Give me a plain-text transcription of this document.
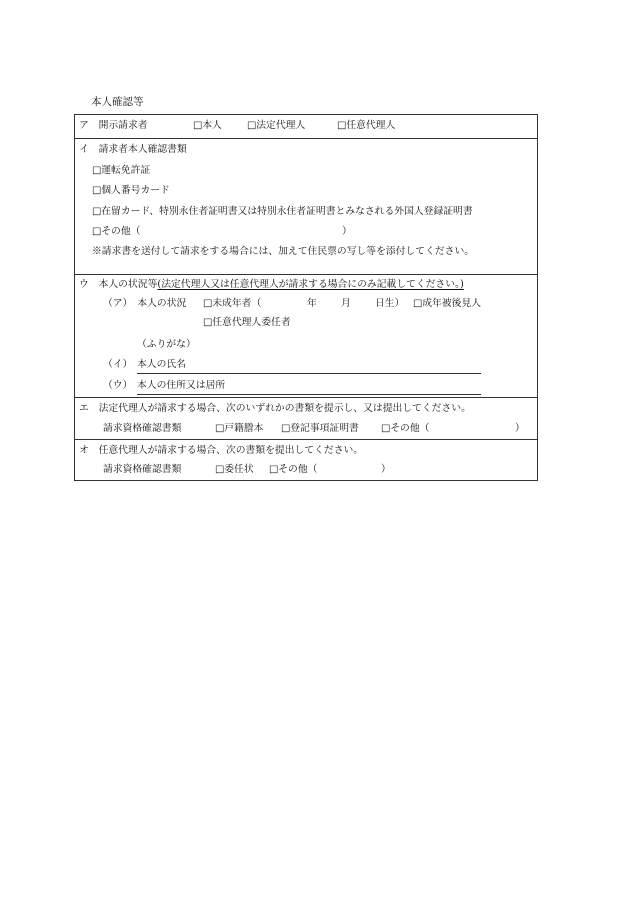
本人確認等
ア　開示請求者	□本人	□法定代理人	□任意代理人
イ　請求者本人確認書類
□運転免許証
□個人番号カード
□在留カード、特別永住者証明書又は特別永住者証明書とみなされる外国人登録証明書
□その他（	）
※請求書を送付して請求をする場合には、加えて住民票の写し等を添付してください。
ウ　本人の状況等(法定代理人又は任意代理人が請求する場合にのみ記載してください。)
（ア）　本人の状況 □未成年者（	年 月 日生） □成年被後見人
□任意代理人委任者
（ふりがな）
（イ） 本人の氏名
（ウ） 本人の住所又は居所
エ　法定代理人が請求する場合、次のいずれかの書類を提示し、又は提出してください。
請求資格確認書類	□戸籍謄本 □登記事項証明書 □その他（	）
オ　任意代理人が請求する場合、次の書類を提出してください。
請求資格確認書類	□委任状 □その他（	）
